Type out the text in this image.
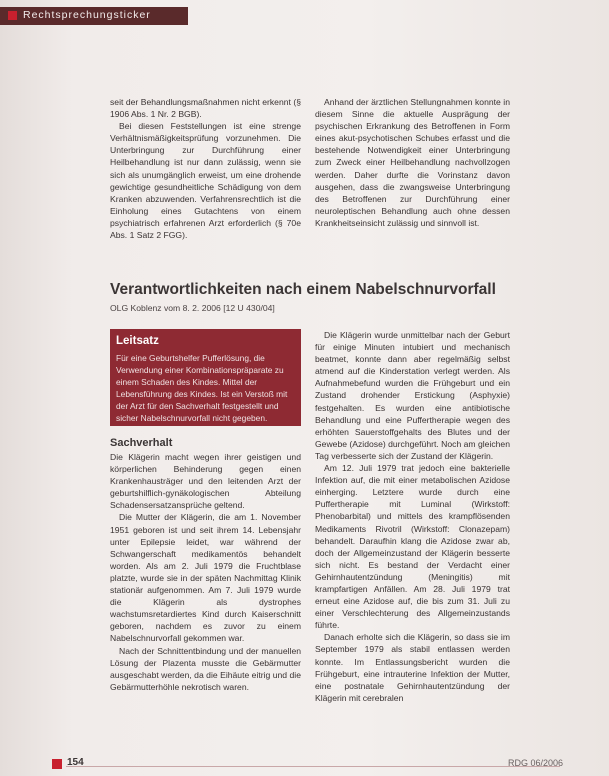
Rechtsprechungsticker

seit der Behandlungsmaßnahmen nicht erkennt (§ 1906 Abs. 1 Nr. 2 BGB).

Bei diesen Feststellungen ist eine strenge Verhältnismäßigkeitsprüfung vorzunehmen. Die Unterbringung zur Durchführung einer Heilbehandlung ist nur dann zulässig, wenn sie sich als unumgänglich erweist, um eine drohende gewichtige gesundheitliche Schädigung von dem Kranken abzuwenden. Verfahrensrechtlich ist die Einholung eines Gutachtens von einem psychiatrisch erfahrenen Arzt erforderlich (§ 70e Abs. 1 Satz 2 FGG).

Anhand der ärztlichen Stellungnahmen konnte in diesem Sinne die aktuelle Ausprägung der psychischen Erkrankung des Betroffenen in Form eines akut-psychotischen Schubes erfasst und die bestehende Notwendigkeit einer Unterbringung zum Zweck einer Heilbehandlung nachvollzogen werden. Daher durfte die Vorinstanz davon ausgehen, dass die zwangsweise Unterbringung des Betroffenen zur Durchführung einer neuroleptischen Behandlung auch ohne dessen Krankheitseinsicht zulässig und sinnvoll ist.

Verantwortlichkeiten nach einem Nabelschnurvorfall
OLG Koblenz vom 8. 2. 2006 [12 U 430/04]
Leitsatz
Für eine Geburtshelfer Pufferlösung, die Verwendung einer Kombinationspräparate zu einem Schaden des Kindes. Mittel der Lebensführung des Kindes. Ist ein Verstoß mit der Arzt für den Sachverhalt festgestellt und sicher Nabelschnurvorfall nicht gegeben.
Sachverhalt

Die Klägerin macht wegen ihrer geistigen und körperlichen Behinderung gegen einen Krankenhausträger und den leitenden Arzt der geburtshilflich-gynäkologischen Abteilung Schadensersatzansprüche geltend.

Die Mutter der Klägerin, die am 1. November 1951 geboren ist und seit ihrem 14. Lebensjahr unter Epilepsie leidet, war während der Schwangerschaft medikamentös behandelt worden. Als am 2. Juli 1979 die Fruchtblase platzte, wurde sie in der späten Nachmittag Klinik stationär aufgenommen. Am 7. Juli 1979 wurde die Klägerin als dystrophes wachstumsretardiertes Kind durch Kaiserschnitt geboren, nachdem es zuvor zu einem Nabelschnurvorfall gekommen war.

Nach der Schnittentbindung und der manuellen Lösung der Plazenta musste die Gebärmutter ausgeschabt werden, da die Eihäute eitrig und die Gebärmutterhöhle nekrotisch waren.

Die Klägerin wurde unmittelbar nach der Geburt für einige Minuten intubiert und mechanisch beatmet, konnte dann aber regelmäßig selbst atmend auf die Kinderstation verlegt werden. Als Aufnahmebefund wurden die Frühgeburt und ein Zustand drohender Erstickung (Asphyxie) festgehalten. Es wurden eine antibiotische Behandlung und eine Puffertherapie wegen des erhöhten Sauerstoffgehalts des Blutes und der Gewebe (Azidose) durchgeführt. Noch am gleichen Tag verbesserte sich der Zustand der Klägerin.

Am 12. Juli 1979 trat jedoch eine bakterielle Infektion auf, die mit einer metabolischen Azidose einherging. Letztere wurde durch eine Puffertherapie mit Luminal (Wirkstoff: Phenobarbital) und mittels des krampflösenden Medikaments Rivotril (Wirkstoff: Clonazepam) behandelt. Daraufhin klang die Azidose zwar ab, doch der Allgemeinzustand der Klägerin besserte sich nicht. Es bestand der Verdacht einer Gehirnhautentzündung (Meningitis) mit krampfartigen Anfällen. Am 28. Juli 1979 trat erneut eine Azidose auf, die bis zum 31. Juli zu einer Verschlechterung des Allgemeinzustands führte.

Danach erholte sich die Klägerin, so dass sie im September 1979 als stabil entlassen werden konnte. Im Entlassungsbericht wurden die Frühgeburt, eine intrauterine Infektion der Mutter, eine postnatale Gehirnhautentzündung der Klägerin mit cerebralen

154	RDG 06/2006
